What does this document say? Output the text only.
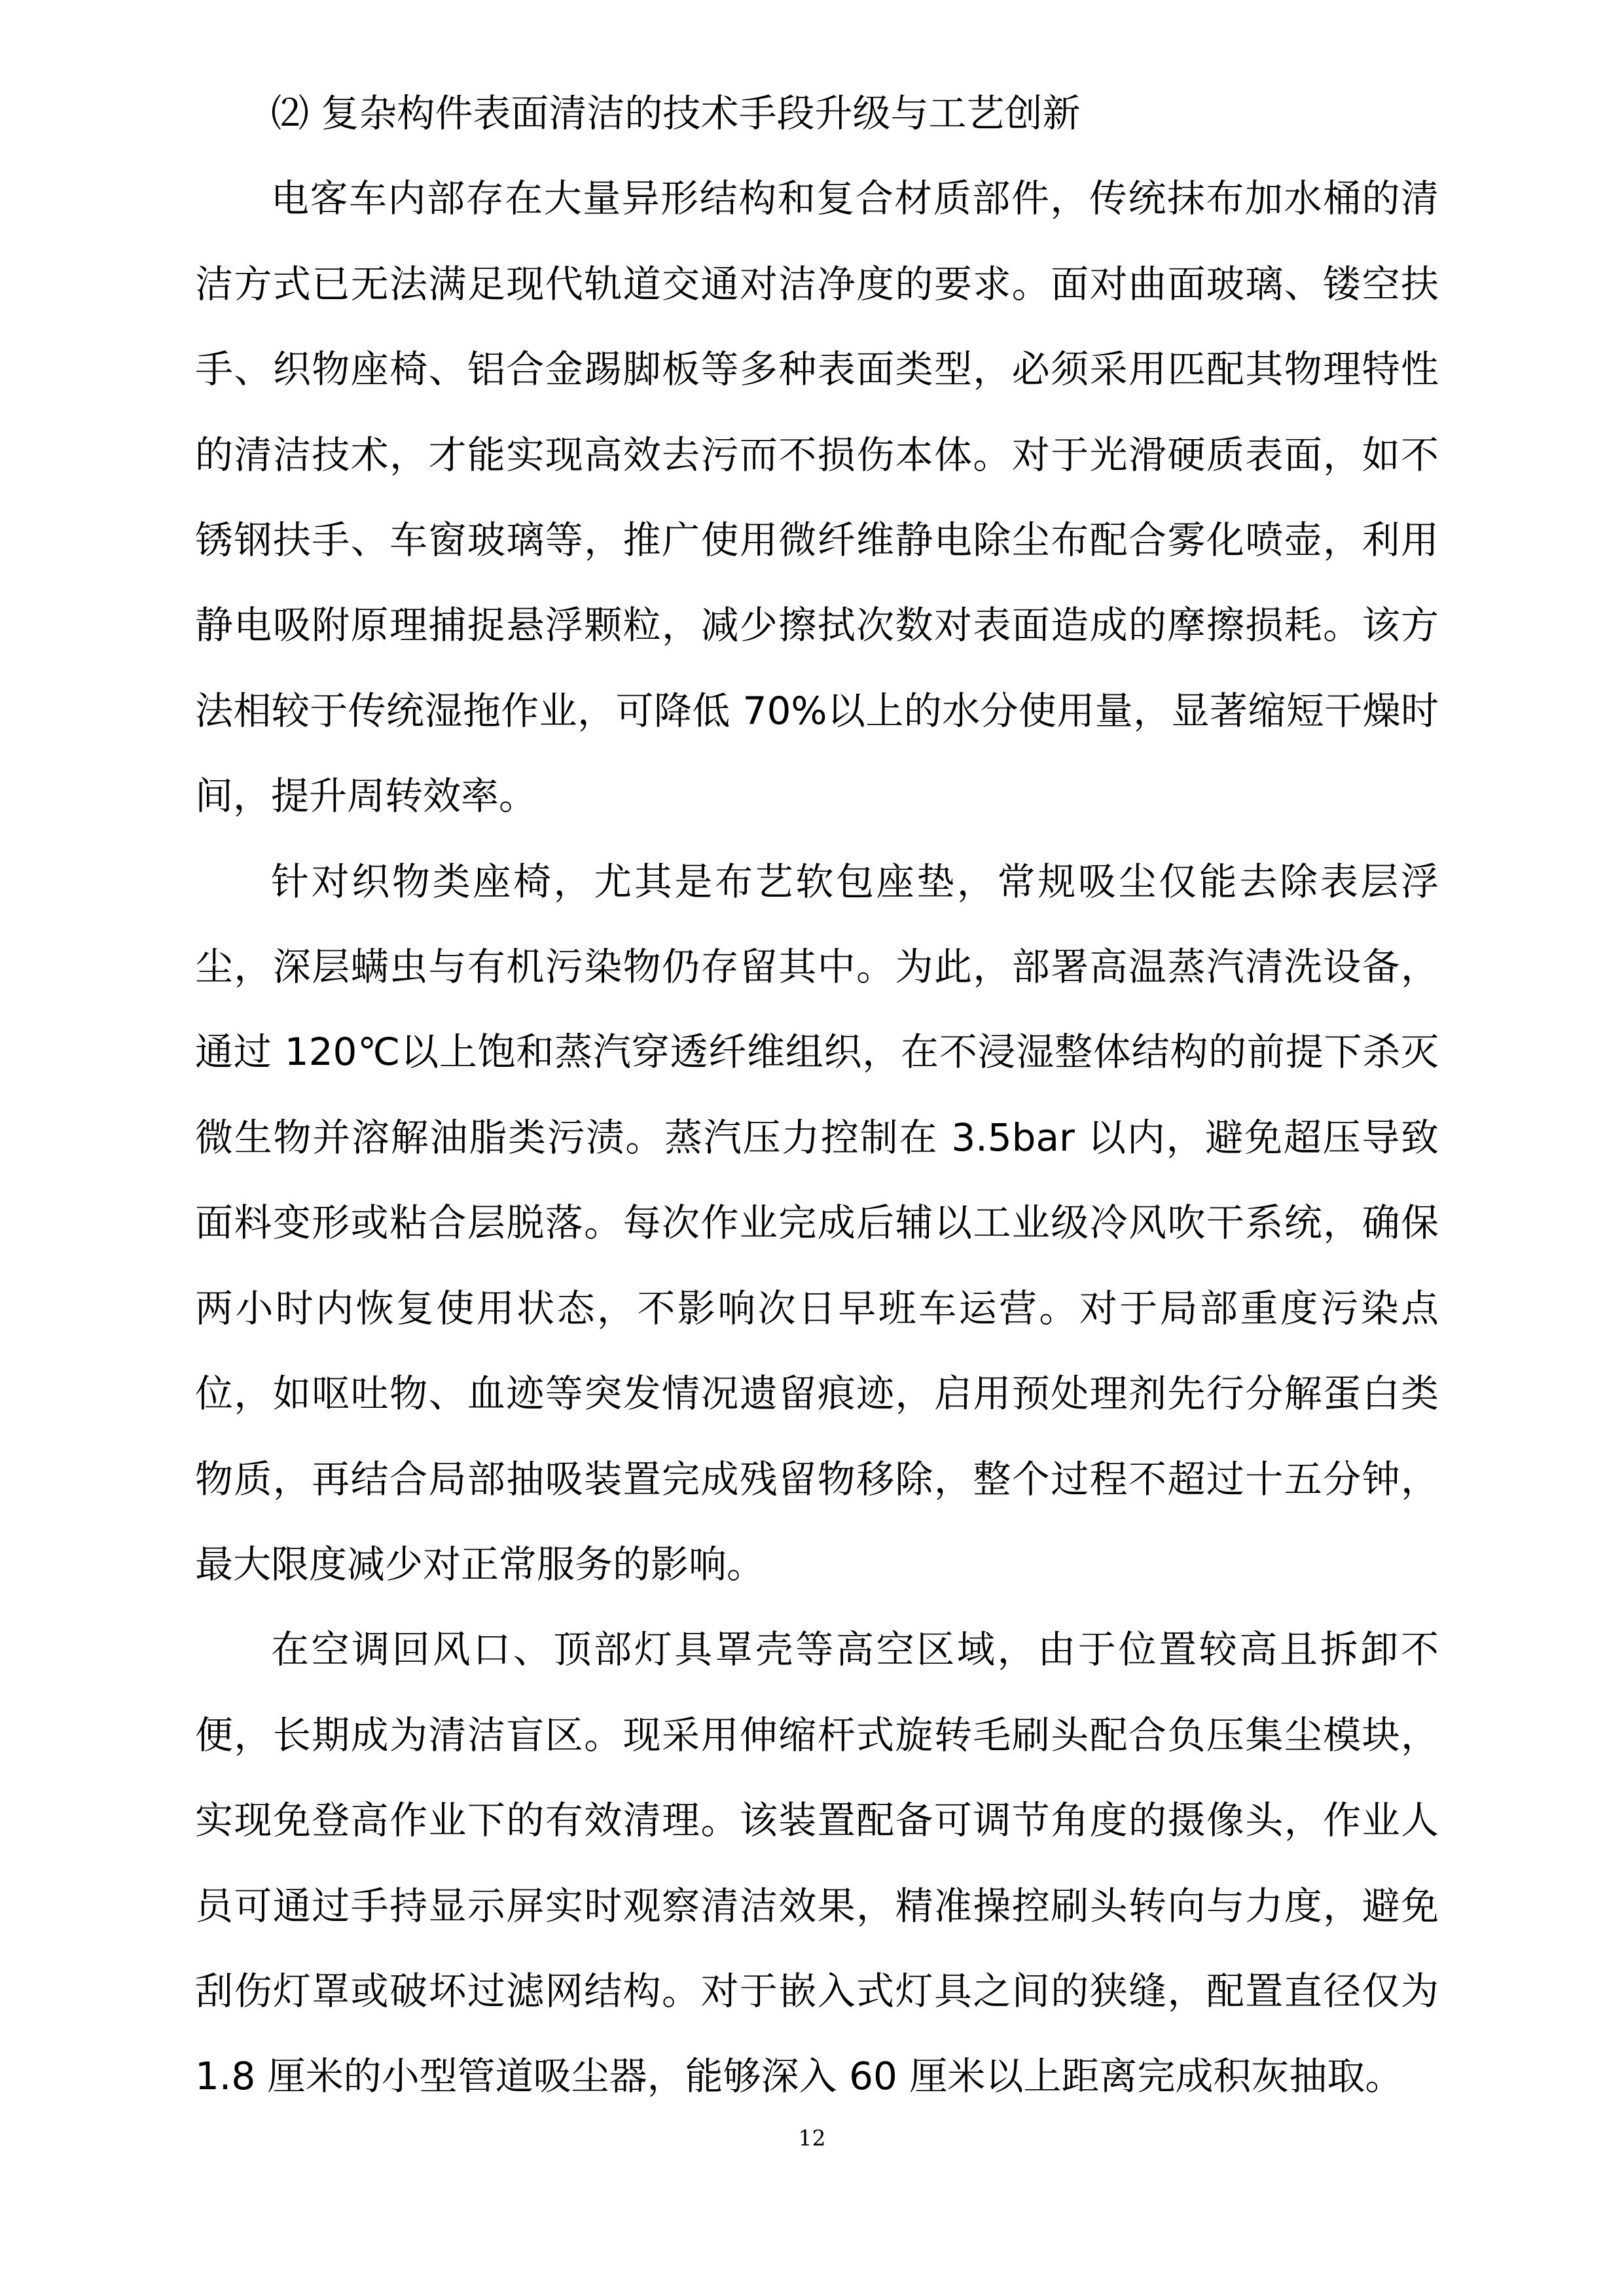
⑵ 复杂构件表面清洁的技术手段升级与工艺创新

电客车内部存在大量异形结构和复合材质部件，传统抹布加水桶的清洁方式已无法满足现代轨道交通对洁净度的要求。面对曲面玻璃、镂空扶手、织物座椅、铝合金踢脚板等多种表面类型，必须采用匹配其物理特性的清洁技术，才能实现高效去污而不损伤本体。对于光滑硬质表面，如不锈钢扶手、车窗玻璃等，推广使用微纤维静电除尘布配合雾化喷壶，利用静电吸附原理捕捉悬浮颗粒，减少擦拭次数对表面造成的摩擦损耗。该方法相较于传统湿拖作业，可降低 70%以上的水分使用量，显著缩短干燥时间，提升周转效率。

针对织物类座椅，尤其是布艺软包座垫，常规吸尘仅能去除表层浮尘，深层螨虫与有机污染物仍存留其中。为此，部署高温蒸汽清洗设备，通过 120℃以上饱和蒸汽穿透纤维组织，在不浸湿整体结构的前提下杀灭微生物并溶解油脂类污渍。蒸汽压力控制在 3.5bar 以内，避免超压导致面料变形或粘合层脱落。每次作业完成后辅以工业级冷风吹干系统，确保两小时内恢复使用状态，不影响次日早班车运营。对于局部重度污染点位，如呕吐物、血迹等突发情况遗留痕迹，启用预处理剂先行分解蛋白类物质，再结合局部抽吸装置完成残留物移除，整个过程不超过十五分钟，最大限度减少对正常服务的影响。

在空调回风口、顶部灯具罩壳等高空区域，由于位置较高且拆卸不便，长期成为清洁盲区。现采用伸缩杆式旋转毛刷头配合负压集尘模块，实现免登高作业下的有效清理。该装置配备可调节角度的摄像头，作业人员可通过手持显示屏实时观察清洁效果，精准操控刷头转向与力度，避免刮伤灯罩或破坏过滤网结构。对于嵌入式灯具之间的狭缝，配置直径仅为 1.8 厘米的小型管道吸尘器，能够深入 60 厘米以上距离完成积灰抽取。

12
